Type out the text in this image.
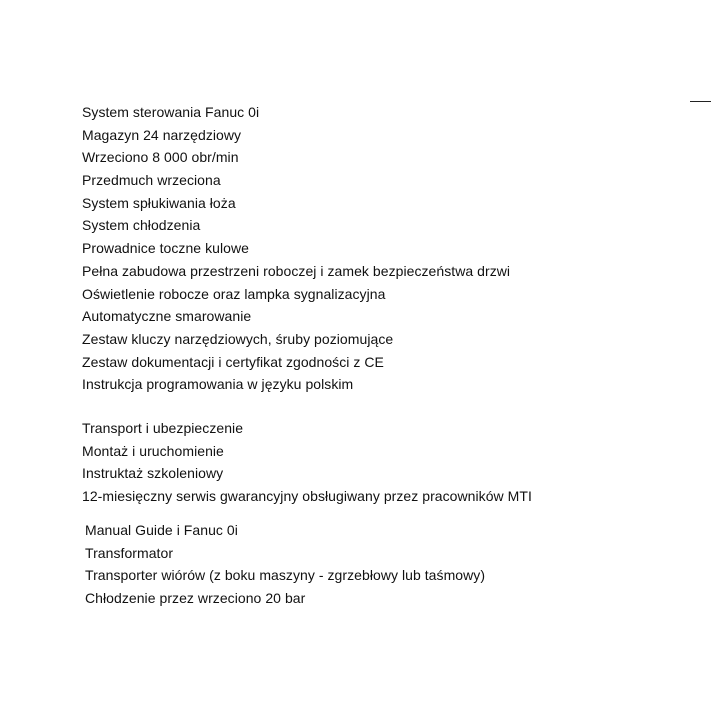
System sterowania Fanuc 0i
Magazyn 24 narzędziowy
Wrzeciono 8 000 obr/min
Przedmuch wrzeciona
System spłukiwania łoża
System chłodzenia
Prowadnice toczne kulowe
Pełna zabudowa przestrzeni roboczej i zamek bezpieczeństwa drzwi
Oświetlenie robocze oraz lampka sygnalizacyjna
Automatyczne smarowanie
Zestaw kluczy narzędziowych, śruby poziomujące
Zestaw dokumentacji i certyfikat zgodności z CE
Instrukcja programowania w języku polskim
Transport i ubezpieczenie
Montaż i uruchomienie
Instruktaż szkoleniowy
12-miesięczny serwis gwarancyjny obsługiwany przez pracowników MTI
Manual Guide i Fanuc 0i
Transformator
Transporter wiórów (z boku maszyny - zgrzebłowy lub taśmowy)
Chłodzenie przez wrzeciono 20 bar
